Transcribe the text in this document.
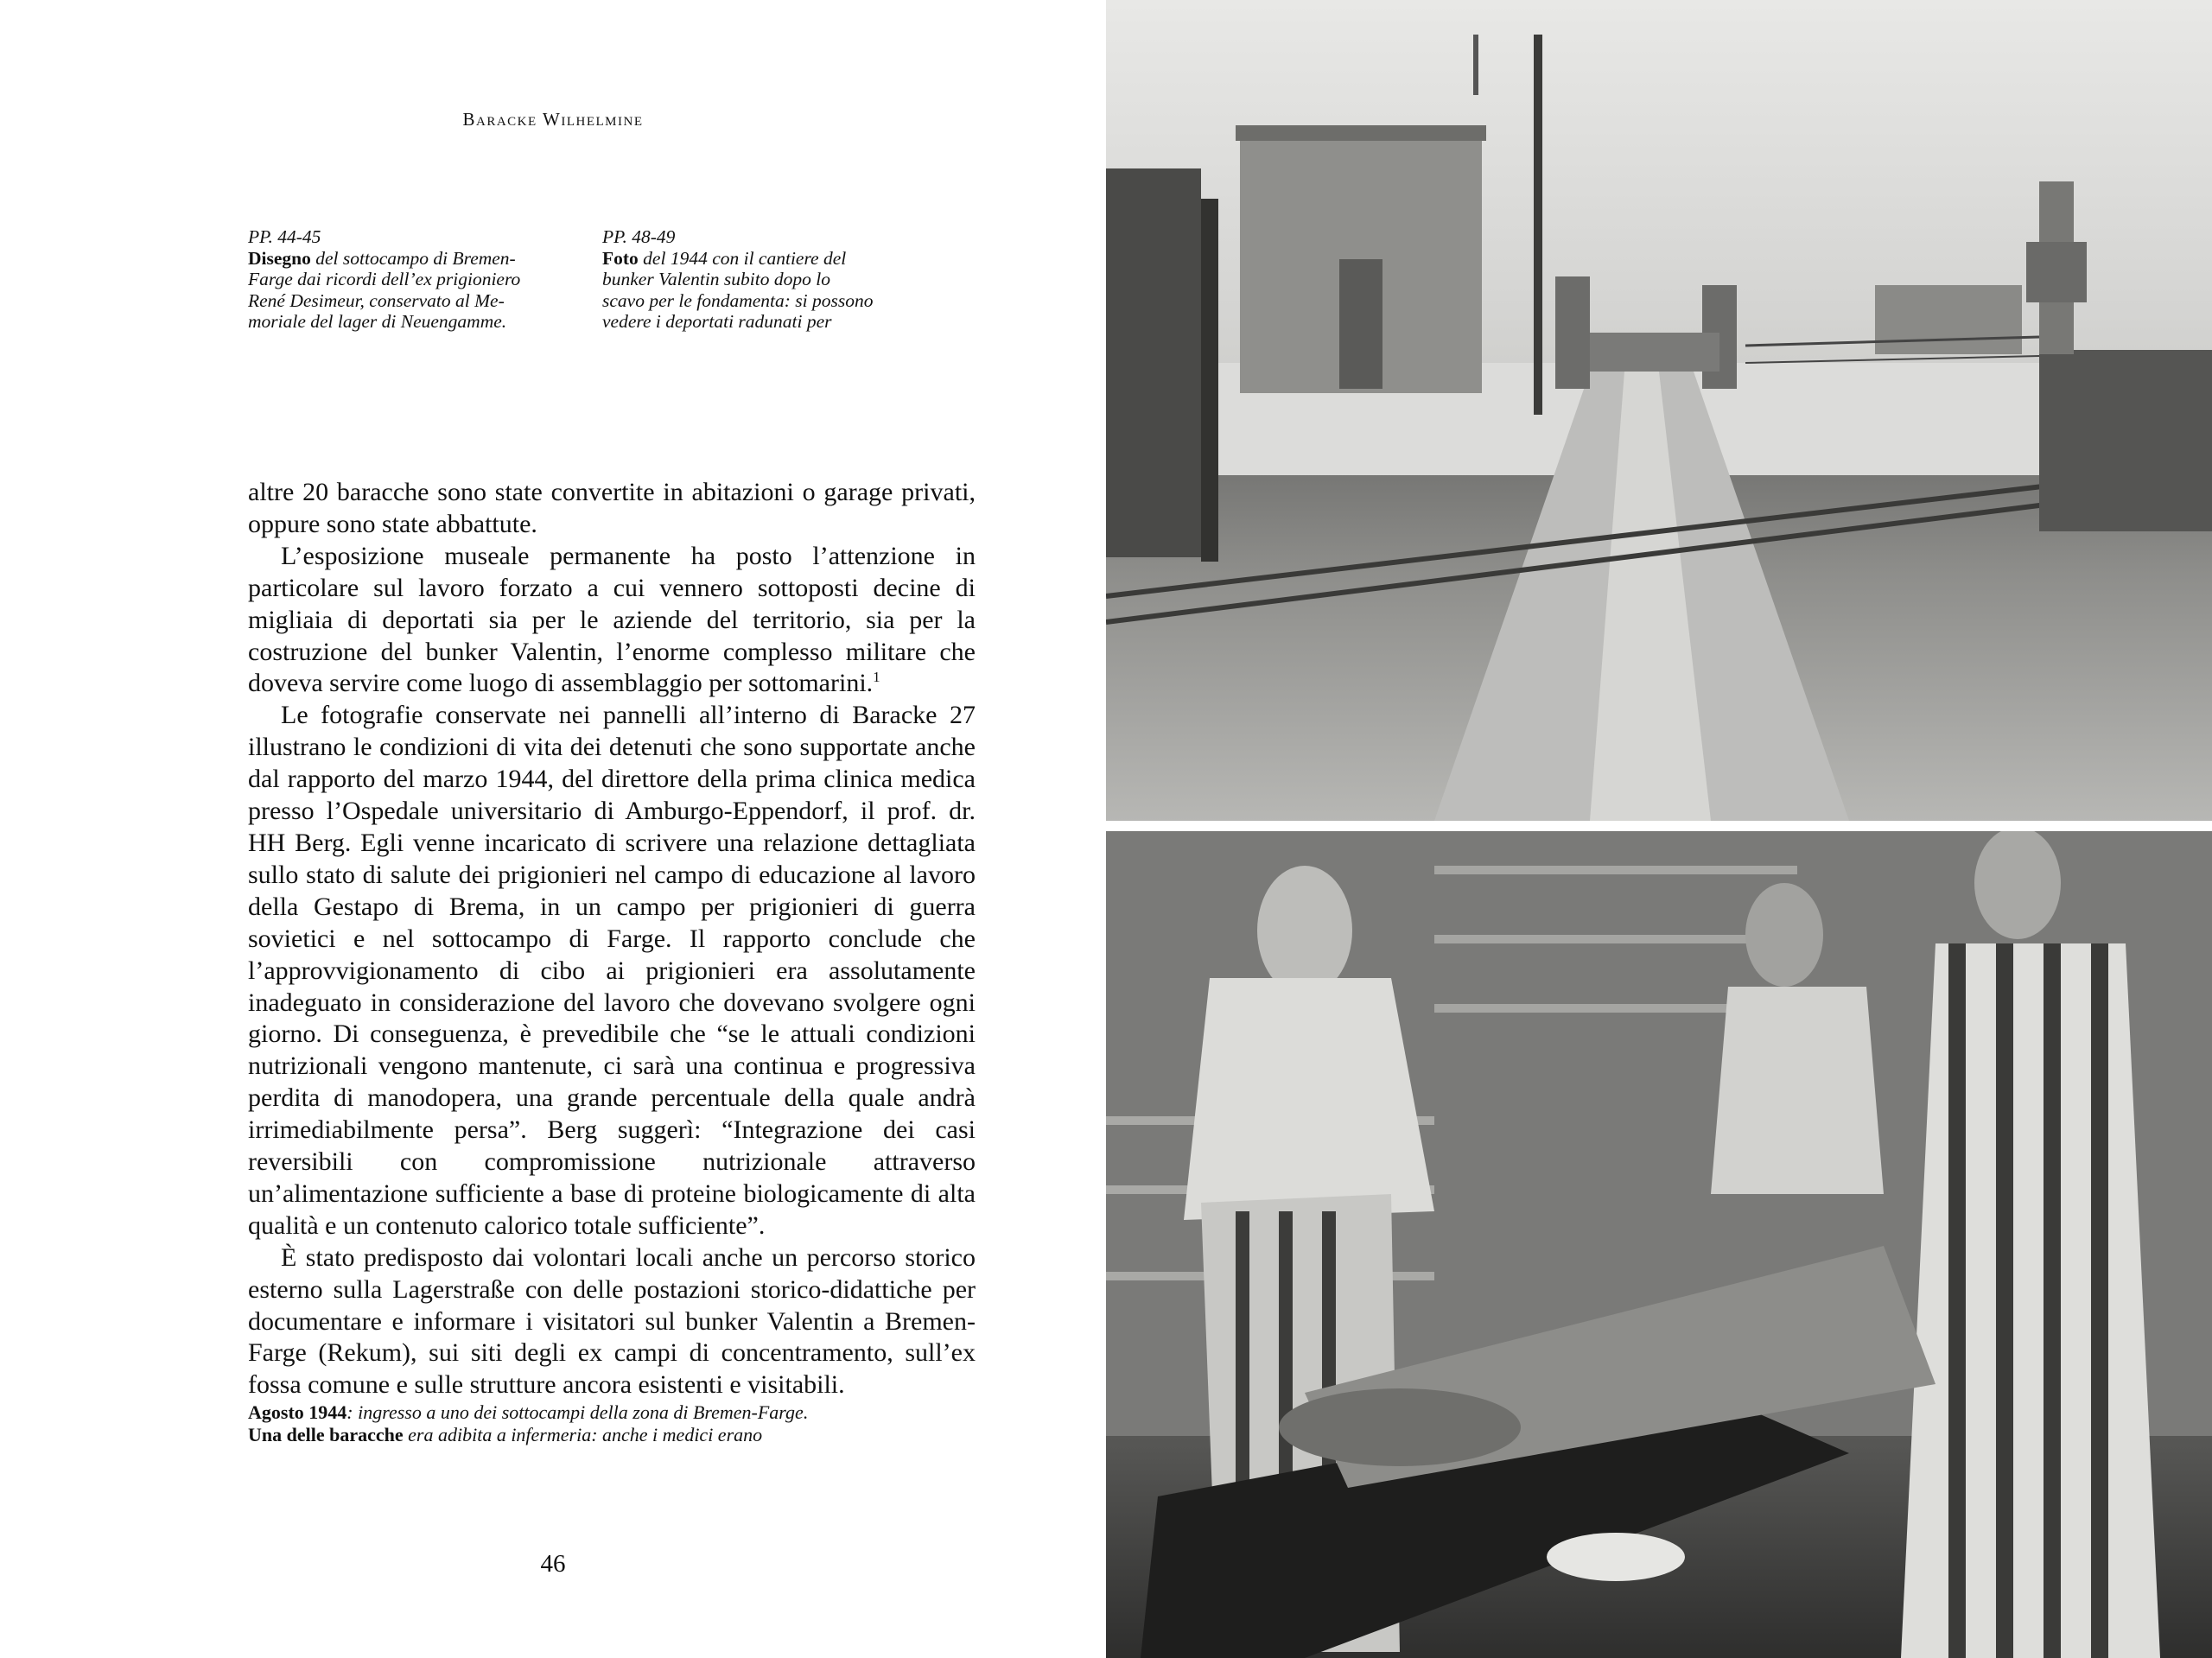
Baracke Wilhelmine
PP. 44-45
Disegno del sottocampo di Bremen-
Farge dai ricordi dell’ex prigioniero
René Desimeur, conservato al Me-
moriale del lager di Neuengamme.
PP. 48-49
Foto del 1944 con il cantiere del
bunker Valentin subito dopo lo
scavo per le fondamenta: si possono
vedere i deportati radunati per

altre 20 baracche sono state convertite in abitazioni o garage privati, oppure sono state abbattute.

L’esposizione museale permanente ha posto l’attenzione in particolare sul lavoro forzato a cui vennero sottoposti decine di migliaia di deportati sia per le aziende del territorio, sia per la costruzione del bunker Valentin, l’enorme complesso militare che doveva servire come luogo di assemblaggio per sottomarini.$^1$

Le fotografie conservate nei pannelli all’interno di Baracke 27 illustrano le condizioni di vita dei detenuti che sono supportate anche dal rapporto del marzo 1944, del direttore della prima clinica medica presso l’Ospedale universitario di Amburgo-Eppendorf, il prof. dr. HH Berg. Egli venne incaricato di scrivere una relazione dettagliata sullo stato di salute dei prigionieri nel campo di educazione al lavoro della Gestapo di Brema, in un campo per prigionieri di guerra sovietici e nel sottocampo di Farge. Il rapporto conclude che l’approvvigionamento di cibo ai prigionieri era assolutamente inadeguato in considerazione del lavoro che dovevano svolgere ogni giorno. Di conseguenza, è prevedibile che “se le attuali condizioni nutrizionali vengono mantenute, ci sarà una continua e progressiva perdita di manodopera, una grande percentuale della quale andrà irrimediabilmente persa”. Berg suggerì: “Integrazione dei casi reversibili con compromissione nutrizionale attraverso un’alimentazione sufficiente a base di proteine biologicamente di alta qualità e un contenuto calorico totale sufficiente”.

È stato predisposto dai volontari locali anche un percorso storico esterno sulla Lagerstraße con delle postazioni storico-didattiche per documentare e informare i visitatori sul bunker Valentin a Bremen-Farge (Rekum), sui siti degli ex campi di concentramento, sull’ex fossa comune e sulle strutture ancora esistenti e visitabili.

Agosto 1944: ingresso a uno dei sottocampi della zona di Bremen-Farge.
Una delle baracche era adibita a infermeria: anche i medici erano
46
